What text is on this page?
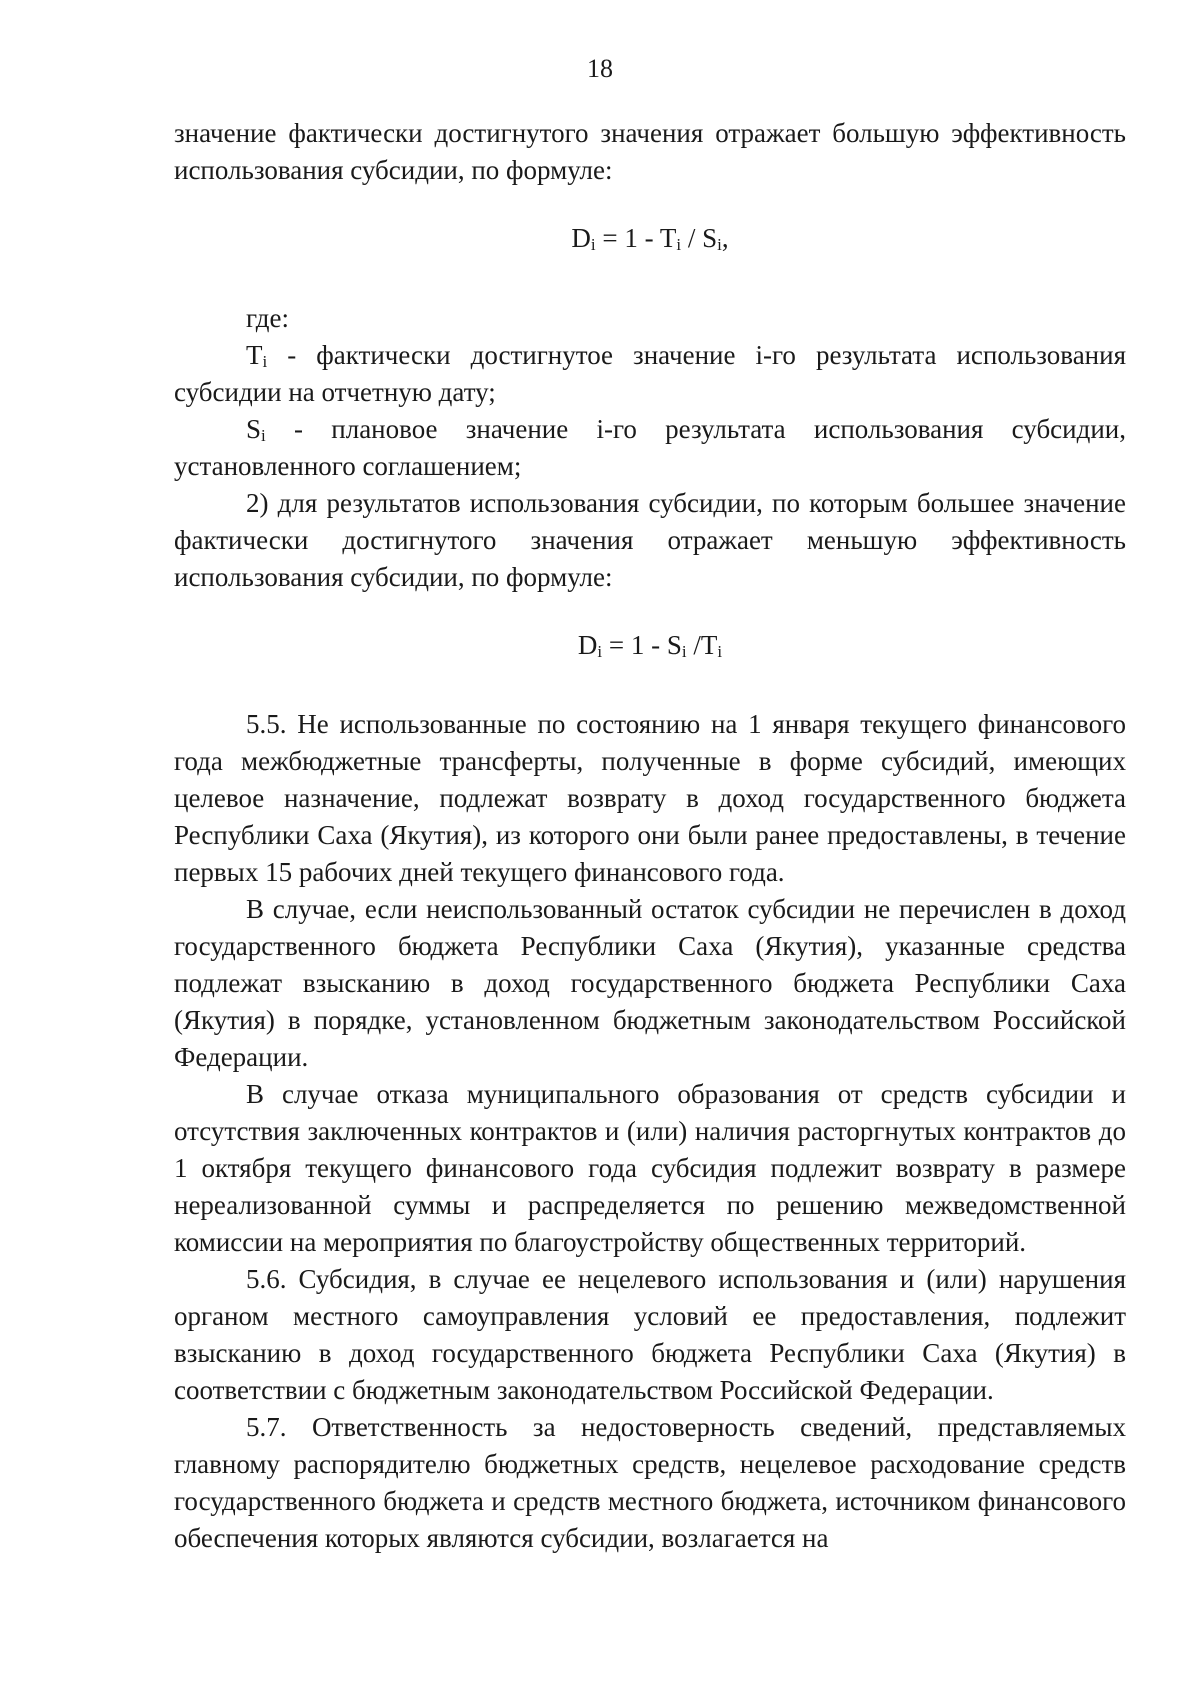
18

значение фактически достигнутого значения отражает большую эффективность использования субсидии, по формуле:

$D_i = 1 - T_i / S_i$,

где:

$T_i$ - фактически достигнутое значение i-го результата использования субсидии на отчетную дату;

$S_i$ - плановое значение i-го результата использования субсидии, установленного соглашением;

2) для результатов использования субсидии, по которым большее значение фактически достигнутого значения отражает меньшую эффективность использования субсидии, по формуле:

$D_i = 1 - S_i$ $/T_i$

5.5. Не использованные по состоянию на 1 января текущего финансового года межбюджетные трансферты, полученные в форме субсидий, имеющих целевое назначение, подлежат возврату в доход государственного бюджета Республики Саха (Якутия), из которого они были ранее предоставлены, в течение первых 15 рабочих дней текущего финансового года.

В случае, если неиспользованный остаток субсидии не перечислен в доход государственного бюджета Республики Саха (Якутия), указанные средства подлежат взысканию в доход государственного бюджета Республики Саха (Якутия) в порядке, установленном бюджетным законодательством Российской Федерации.

В случае отказа муниципального образования от средств субсидии и отсутствия заключенных контрактов и (или) наличия расторгнутых контрактов до 1 октября текущего финансового года субсидия подлежит возврату в размере нереализованной суммы и распределяется по решению межведомственной комиссии на мероприятия по благоустройству общественных территорий.

5.6. Субсидия, в случае ее нецелевого использования и (или) нарушения органом местного самоуправления условий ее предоставления, подлежит взысканию в доход государственного бюджета Республики Саха (Якутия) в соответствии с бюджетным законодательством Российской Федерации.

5.7. Ответственность за недостоверность сведений, представляемых главному распорядителю бюджетных средств, нецелевое расходование средств государственного бюджета и средств местного бюджета, источником финансового обеспечения которых являются субсидии, возлагается на
